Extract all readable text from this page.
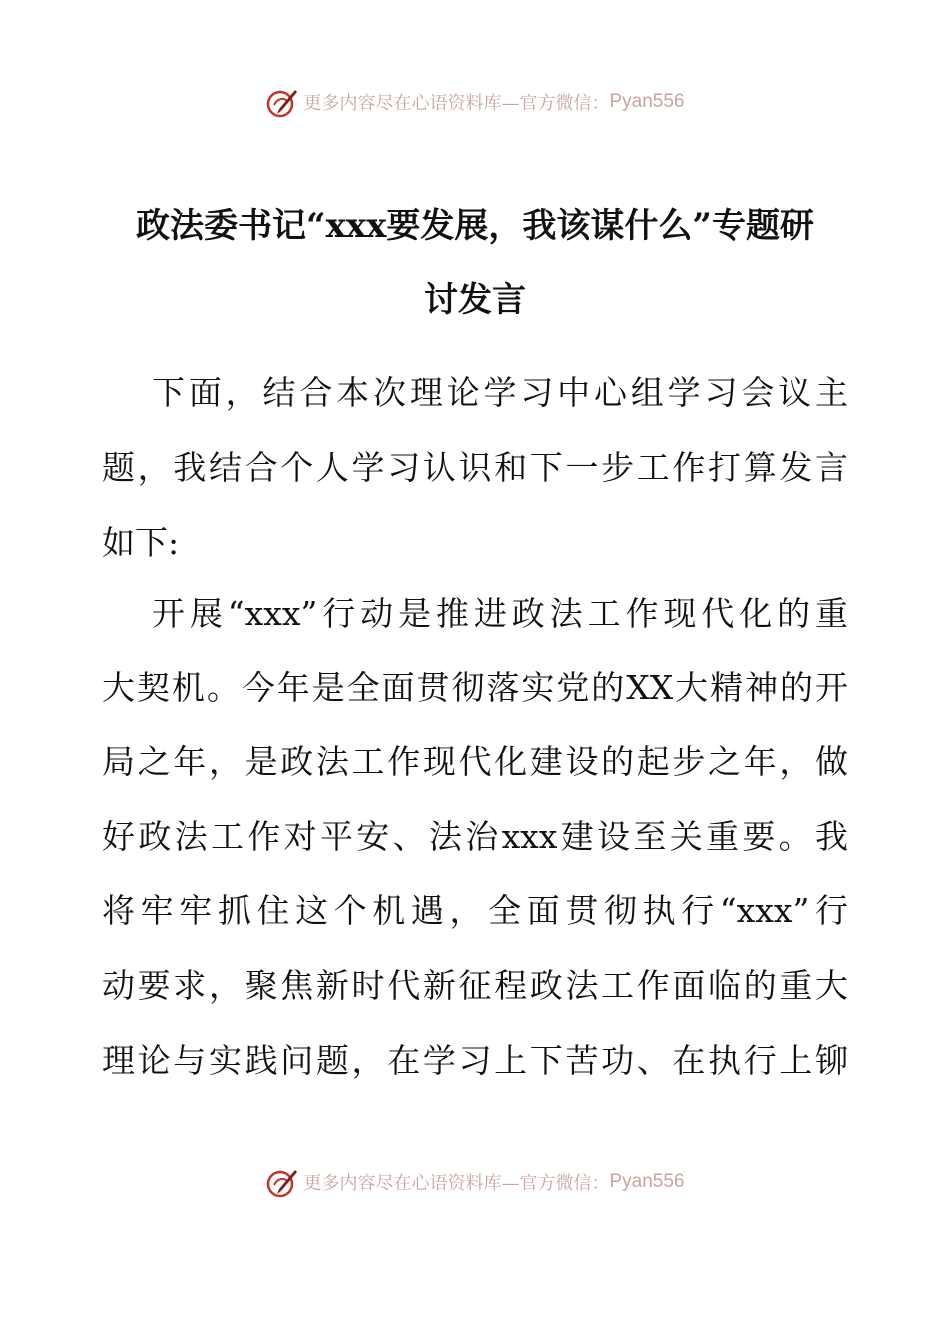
更多内容尽在心语资料库—官方微信： Pyan556
政法委书记“xxx要发展，我该谋什么”专题研
讨发言
下面，结合本次理论学习中心组学习会议主
题，我结合个人学习认识和下一步工作打算发言
如下:
开展“xxx”行动是推进政法工作现代化的重
大契机。今年是全面贯彻落实党的XX大精神的开
局之年，是政法工作现代化建设的起步之年，做
好政法工作对平安、法治xxx建设至关重要。我
将牢牢抓住这个机遇，全面贯彻执行“xxx”行
动要求，聚焦新时代新征程政法工作面临的重大
理论与实践问题，在学习上下苦功、在执行上铆
更多内容尽在心语资料库—官方微信： Pyan556
